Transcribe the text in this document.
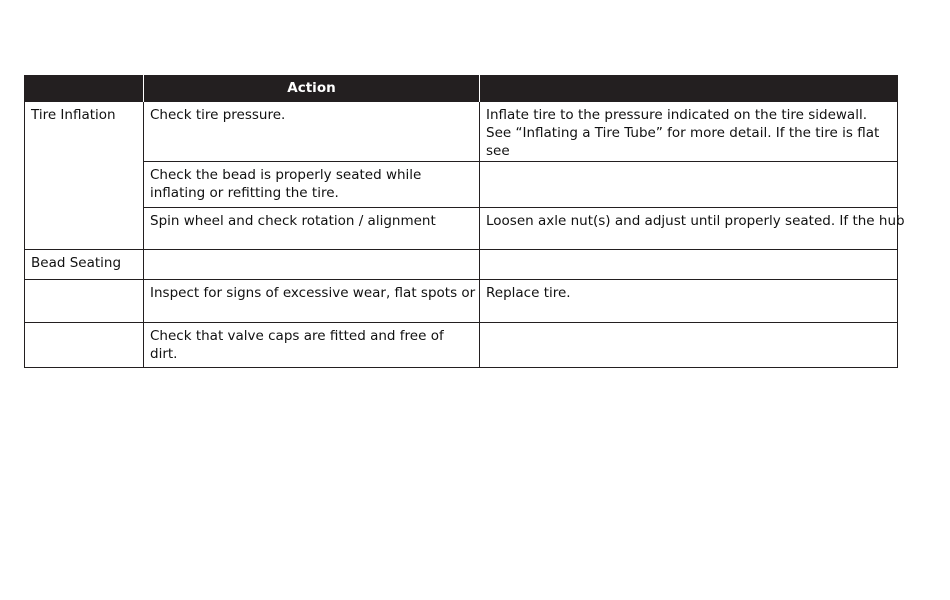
	Action	

Tire Inflation	Check tire pressure.	Inflate tire to the pressure indicated on the tire sidewall. See “Inflating a Tire Tube” for more detail. If the tire is flat see

	Check the bead is properly seated while inflating or refitting the tire.	

	Spin wheel and check rotation / alignment	Loosen axle nut(s) and adjust until properly seated. If the hub

Bead Seating		

	Inspect for signs of excessive wear, flat spots or	Replace tire.

	Check that valve caps are fitted and free of dirt.	
